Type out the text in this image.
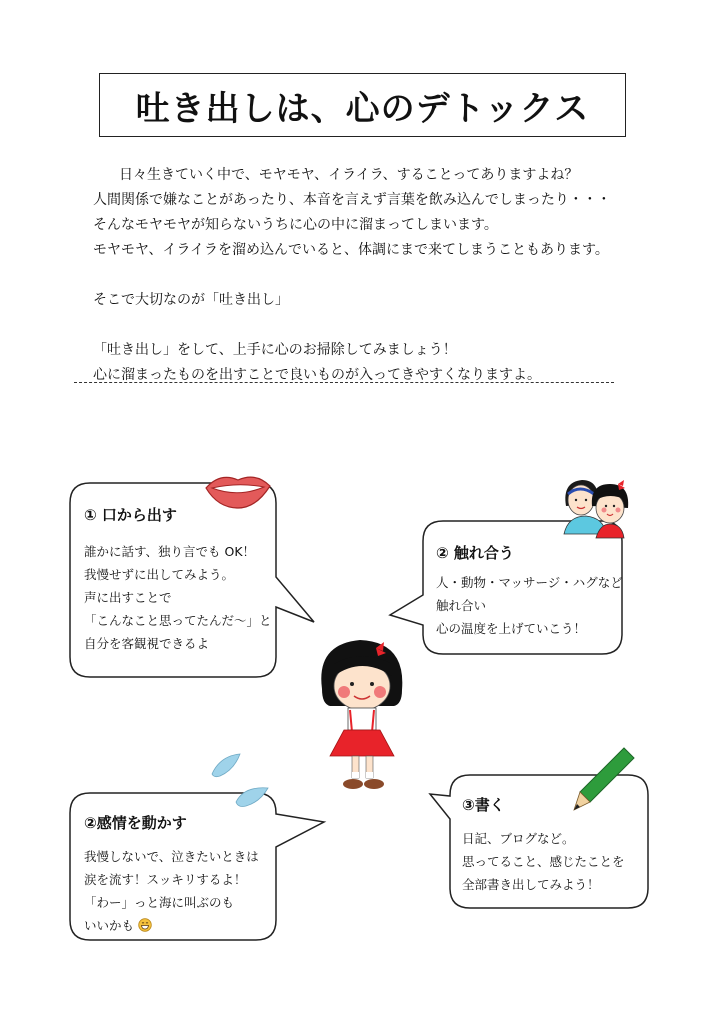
吐き出しは、心のデトックス

日々生きていく中で、モヤモヤ、イライラ、することってありますよね？

人間関係で嫌なことがあったり、本音を言えず言葉を飲み込んでしまったり・・・

そんなモヤモヤが知らないうちに心の中に溜まってしまいます。

モヤモヤ、イライラを溜め込んでいると、体調にまで来てしまうこともあります。

そこで大切なのが「吐き出し」

「吐き出し」をして、上手に心のお掃除してみましょう！

心に溜まったものを出すことで良いものが入ってきやすくなりますよ。

① 口から出す
誰かに話す、独り言でも OK！
我慢せずに出してみよう。
声に出すことで
「こんなこと思ってたんだ～」と
自分を客観視できるよ
② 触れ合う
人・動物・マッサージ・ハグなど
触れ合い
心の温度を上げていこう！
②感情を動かす
我慢しないで、泣きたいときは
涙を流す！スッキリするよ！
「わー」っと海に叫ぶのも
いいかも
③書く
日記、ブログなど。
思ってること、感じたことを
全部書き出してみよう！
